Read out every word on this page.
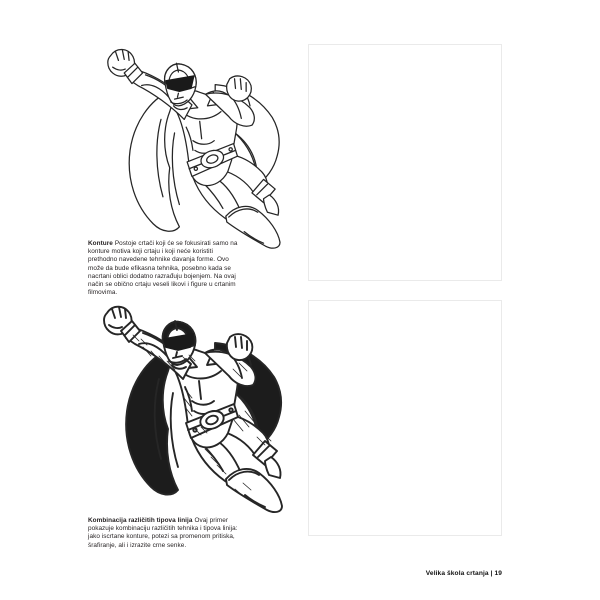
Konture Postoje crtači koji će se fokusirati samo na konture motiva koji crtaju i koji neće koristiti prethodno navedene tehnike davanja forme. Ovo može da bude efikasna tehnika, posebno kada se nacrtani oblici dodatno razrađuju bojenjem. Na ovaj način se obično crtaju veseli likovi i figure u crtanim filmovima.

Kombinacija različitih tipova linija Ovaj primer pokazuje kombinaciju različitih tehnika i tipova linija: jako iscrtane konture, potezi sa promenom pritiska, šrafiranje, ali i izrazite crne senke.

Velika škola crtanja | 19
